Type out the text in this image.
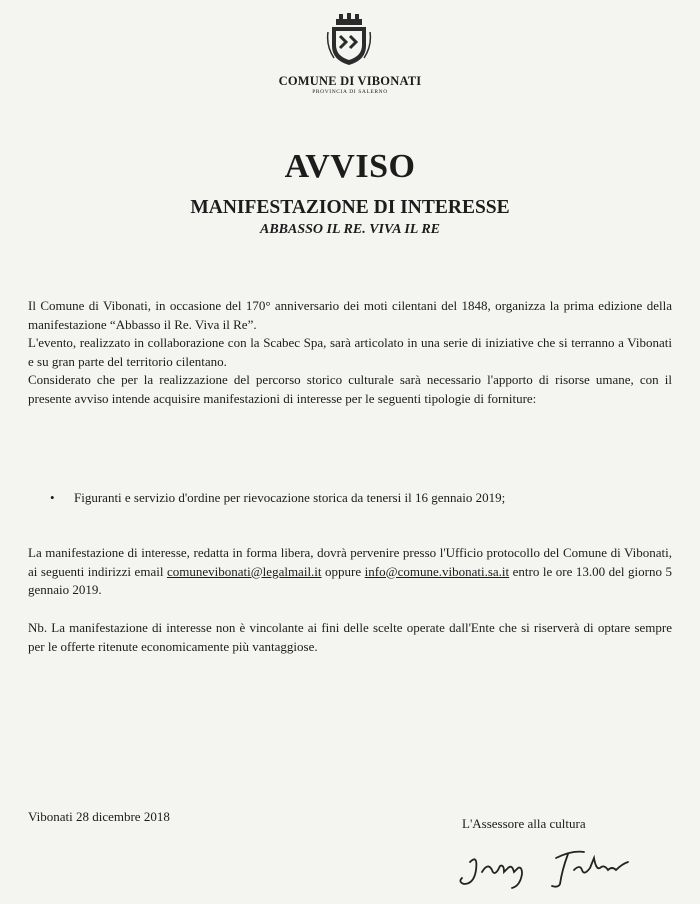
COMUNE DI VIBONATI
PROVINCIA DI SALERNO
AVVISO
MANIFESTAZIONE DI INTERESSE
ABBASSO IL RE. VIVA IL RE
Il Comune di Vibonati, in occasione del 170° anniversario dei moti cilentani del 1848, organizza la prima edizione della manifestazione “Abbasso il Re. Viva il Re”.
L'evento, realizzato in collaborazione con la Scabec Spa, sarà articolato in una serie di iniziative che si terranno a Vibonati e su gran parte del territorio cilentano.
Considerato che per la realizzazione del percorso storico culturale sarà necessario l'apporto di risorse umane, con il presente avviso intende acquisire manifestazioni di interesse per le seguenti tipologie di forniture:
• Figuranti e servizio d'ordine per rievocazione storica da tenersi il 16 gennaio 2019;
La manifestazione di interesse, redatta in forma libera, dovrà pervenire presso l'Ufficio protocollo del Comune di Vibonati, ai seguenti indirizzi email comunevibonati@legalmail.it oppure info@comune.vibonati.sa.it entro le ore 13.00 del giorno 5 gennaio 2019.
Nb. La manifestazione di interesse non è vincolante ai fini delle scelte operate dall'Ente che si riserverà di optare sempre per le offerte ritenute economicamente più vantaggiose.
Vibonati 28 dicembre 2018	L'Assessore alla cultura
